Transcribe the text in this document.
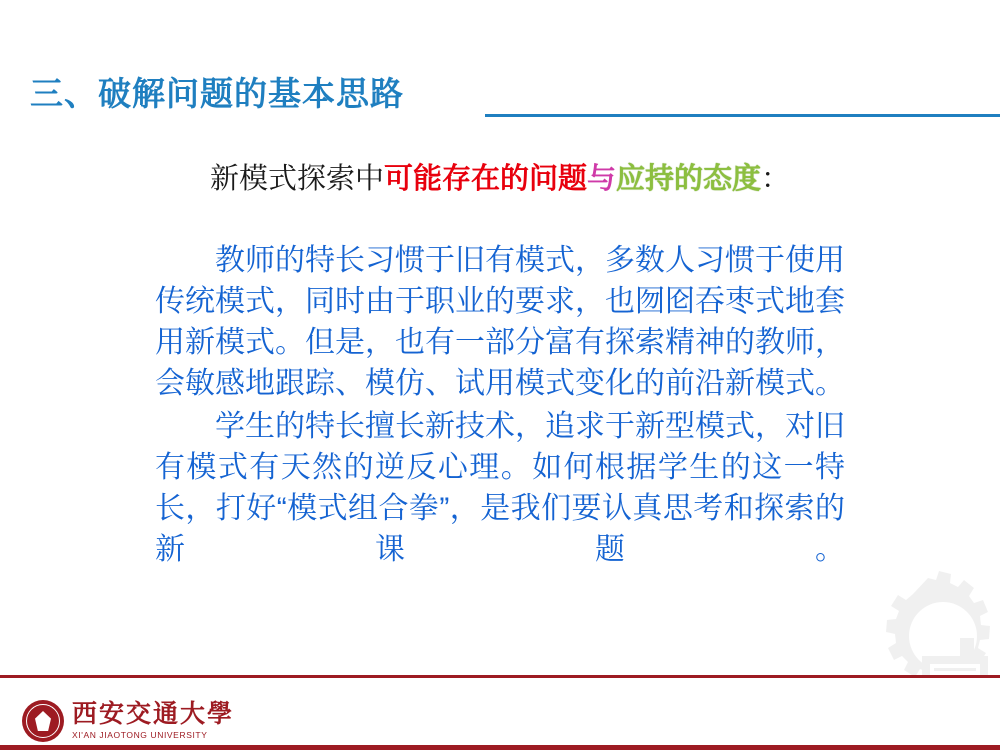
三、破解问题的基本思路
新模式探索中可能存在的问题与应持的态度：

教师的特长习惯于旧有模式，多数人习惯于使用传统模式，同时由于职业的要求，也囫囵吞枣式地套用新模式。但是，也有一部分富有探索精神的教师，会敏感地跟踪、模仿、试用模式变化的前沿新模式。

学生的特长擅长新技术，追求于新型模式，对旧有模式有天然的逆反心理。如何根据学生的这一特长，打好“模式组合拳”，是我们要认真思考和探索的新课题。

西安交通大學
XI'AN JIAOTONG UNIVERSITY
